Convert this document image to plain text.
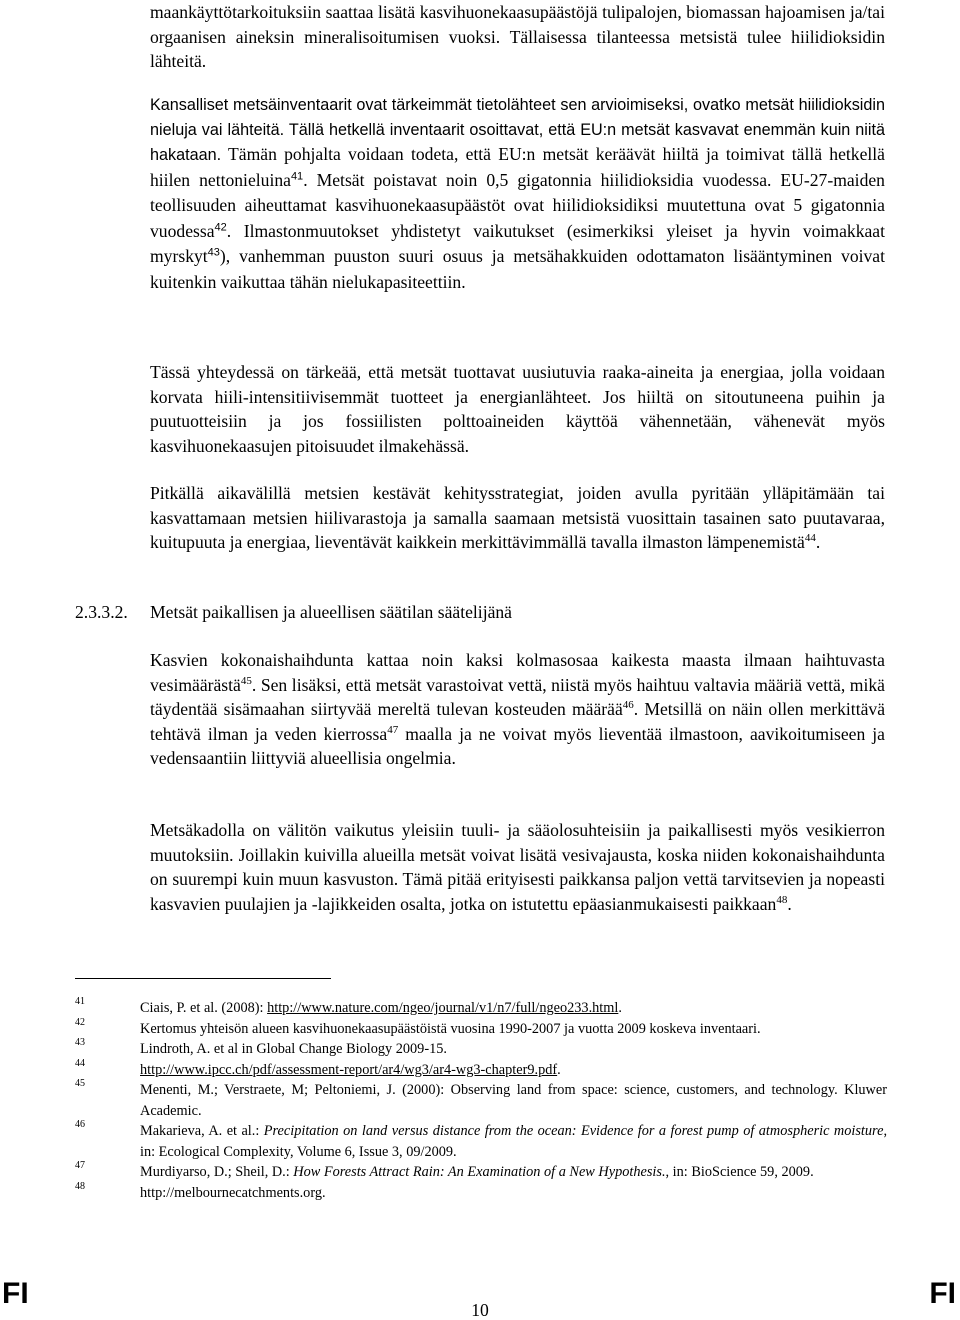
maankäyttötarkoituksiin saattaa lisätä kasvihuonekaasupäästöjä tulipalojen, biomassan hajoamisen ja/tai orgaanisen aineksin mineralisoitumisen vuoksi. Tällaisessa tilanteessa metsistä tulee hiilidioksidin lähteitä.

Kansalliset metsäinventaarit ovat tärkeimmät tietolähteet sen arvioimiseksi, ovatko metsät hiilidioksidin nieluja vai lähteitä. Tällä hetkellä inventaarit osoittavat, että EU:n metsät kasvavat enemmän kuin niitä hakataan. Tämän pohjalta voidaan todeta, että EU:n metsät keräävät hiiltä ja toimivat tällä hetkellä hiilen nettonieluina$^{41}$. Metsät poistavat noin 0,5 gigatonnia hiilidioksidia vuodessa. EU-27-maiden teollisuuden aiheuttamat kasvihuonekaasupäästöt ovat hiilidioksidiksi muutettuna ovat 5 gigatonnia vuodessa$^{42}$. Ilmastonmuutokset yhdistetyt vaikutukset (esimerkiksi yleiset ja hyvin voimakkaat myrskyt$^{43}$), vanhemman puuston suuri osuus ja metsähakkuiden odottamaton lisääntyminen voivat kuitenkin vaikuttaa tähän nielukapasiteettiin.

Tässä yhteydessä on tärkeää, että metsät tuottavat uusiutuvia raaka-aineita ja energiaa, jolla voidaan korvata hiili-intensitiivisemmät tuotteet ja energianlähteet. Jos hiiltä on sitoutuneena puihin ja puutuotteisiin ja jos fossiilisten polttoaineiden käyttöä vähennetään, vähenevät myös kasvihuonekaasujen pitoisuudet ilmakehässä.

Pitkällä aikavälillä metsien kestävät kehitysstrategiat, joiden avulla pyritään ylläpitämään tai kasvattamaan metsien hiilivarastoja ja samalla saamaan metsistä vuosittain tasainen sato puutavaraa, kuitupuuta ja energiaa, lieventävät kaikkein merkittävimmällä tavalla ilmaston lämpenemistä$^{44}$.

2.3.3.2. Metsät paikallisen ja alueellisen säätilan säätelijänä

Kasvien kokonaishaihdunta kattaa noin kaksi kolmasosaa kaikesta maasta ilmaan haihtuvasta vesimäärästä$^{45}$. Sen lisäksi, että metsät varastoivat vettä, niistä myös haihtuu valtavia määriä vettä, mikä täydentää sisämaahan siirtyvää mereltä tulevan kosteuden määrää$^{46}$. Metsillä on näin ollen merkittävä tehtävä ilman ja veden kierrossa$^{47}$ maalla ja ne voivat myös lieventää ilmastoon, aavikoitumiseen ja vedensaantiin liittyviä alueellisia ongelmia.

Metsäkadolla on välitön vaikutus yleisiin tuuli- ja sääolosuhteisiin ja paikallisesti myös vesikierron muutoksiin. Joillakin kuivilla alueilla metsät voivat lisätä vesivajausta, koska niiden kokonaishaihdunta on suurempi kuin muun kasvuston. Tämä pitää erityisesti paikkansa paljon vettä tarvitsevien ja nopeasti kasvavien puulajien ja -lajikkeiden osalta, jotka on istutettu epäasianmukaisesti paikkaan$^{48}$.

41	Ciais, P. et al. (2008): http://www.nature.com/ngeo/journal/v1/n7/full/ngeo233.html.
42	Kertomus yhteisön alueen kasvihuonekaasupäästöistä vuosina 1990-2007 ja vuotta 2009 koskeva inventaari.
43	Lindroth, A. et al in Global Change Biology 2009-15.
44	http://www.ipcc.ch/pdf/assessment-report/ar4/wg3/ar4-wg3-chapter9.pdf.
45	Menenti, M.; Verstraete, M; Peltoniemi, J. (2000): Observing land from space: science, customers, and technology. Kluwer Academic.
46	Makarieva, A. et al.: Precipitation on land versus distance from the ocean: Evidence for a forest pump of atmospheric moisture, in: Ecological Complexity, Volume 6, Issue 3, 09/2009.
47	Murdiyarso, D.; Sheil, D.: How Forests Attract Rain: An Examination of a New Hypothesis., in: BioScience 59, 2009.
48	http://melbournecatchments.org.
FI	10	FI
